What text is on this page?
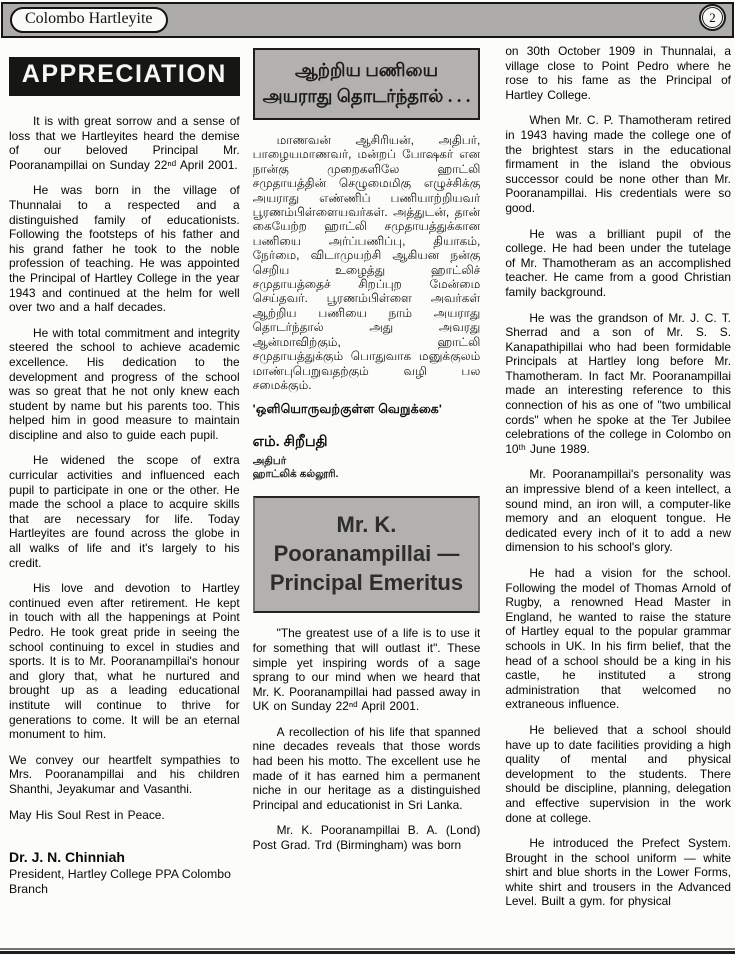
Colombo Hartleyite	2
APPRECIATION

It is with great sorrow and a sense of loss that we Hartleyites heard the demise of our beloved Principal Mr. Pooranampillai on Sunday 22ⁿᵈ April 2001.

He was born in the village of Thunnalai to a respected and a distinguished family of educationists. Following the footsteps of his father and his grand father he took to the noble profession of teaching. He was appointed the Principal of Hartley College in the year 1943 and continued at the helm for well over two and a half decades.

He with total commitment and integrity steered the school to achieve academic excellence. His dedication to the development and progress of the school was so great that he not only knew each student by name but his parents too. This helped him in good measure to maintain discipline and also to guide each pupil.

He widened the scope of extra curricular activities and influenced each pupil to participate in one or the other. He made the school a place to acquire skills that are necessary for life. Today Hartleyites are found across the globe in all walks of life and it's largely to his credit.

His love and devotion to Hartley continued even after retirement. He kept in touch with all the happenings at Point Pedro. He took great pride in seeing the school continuing to excel in studies and sports. It is to Mr. Pooranampillai's honour and glory that, what he nurtured and brought up as a leading educational institute will continue to thrive for generations to come. It will be an eternal monument to him.

We convey our heartfelt sympathies to Mrs. Pooranampillai and his children Shanthi, Jeyakumar and Vasanthi.

May His Soul Rest in Peace.

Dr. J. N. Chinniah
President, Hartley College PPA Colombo Branch
ஆற்றிய பணியை அயராது தொடர்ந்தால் . . .

மாணவன் ஆசிரியன், அதிபர், பாழையமாணவர், மன்றப் போஷகர் என நான்கு முறைகளிலே ஹாட்லி சமுதாயத்தின் செழுமைமிகு எழுச்சிக்கு அயராது எண்ணிப் பணியாற்றியவர் பூரணம்பிள்ளையவர்கள். அத்துடன், தான் கையேற்ற ஹாட்லி சமுதாயத்துக்கான பணியை அர்ப்பணிப்பு, தியாகம், நேர்மை, விடாமுயற்சி ஆகியன நன்கு செறிய உழைத்து ஹாட்லிச் சமுதாயத்தைச் சிறப்புற மேன்மை செய்தவர். பூரணம்பிள்ளை அவர்கள் ஆற்றிய பணியை நாம் அயராது தொடர்ந்தால் அது அவரது ஆன்மாவிற்கும், ஹாட்லி சமுதாயத்துக்கும் பொதுவாக மனுக்குலம் மாண்புபெறுவதற்கும் வழி பல சமைக்கும்.

'ஒளியொருவற்குள்ள வெறுக்கை'
எம். சிறீபதி
அதிபர்
ஹாட்லிக் கல்லூரி.
Mr. K. Pooranampillai — Principal Emeritus

"The greatest use of a life is to use it for something that will outlast it". These simple yet inspiring words of a sage sprang to our mind when we heard that Mr. K. Pooranampillai had passed away in UK on Sunday 22ⁿᵈ April 2001.

A recollection of his life that spanned nine decades reveals that those words had been his motto. The excellent use he made of it has earned him a permanent niche in our heritage as a distinguished Principal and educationist in Sri Lanka.

Mr. K. Pooranampillai B. A. (Lond) Post Grad. Trd (Birmingham) was born

on 30th October 1909 in Thunnalai, a village close to Point Pedro where he rose to his fame as the Principal of Hartley College.

When Mr. C. P. Thamotheram retired in 1943 having made the college one of the brightest stars in the educational firmament in the island the obvious successor could be none other than Mr. Pooranampillai. His credentials were so good.

He was a brilliant pupil of the college. He had been under the tutelage of Mr. Thamotheram as an accomplished teacher. He came from a good Christian family background.

He was the grandson of Mr. J. C. T. Sherrad and a son of Mr. S. S. Kanapathipillai who had been formidable Principals at Hartley long before Mr. Thamotheram. In fact Mr. Pooranampillai made an interesting reference to this connection of his as one of "two umbilical cords" when he spoke at the Ter Jubilee celebrations of the college in Colombo on 10ᵗʰ June 1989.

Mr. Pooranampillai's personality was an impressive blend of a keen intellect, a sound mind, an iron will, a computer-like memory and an eloquent tongue. He dedicated every inch of it to add a new dimension to his school's glory.

He had a vision for the school. Following the model of Thomas Arnold of Rugby, a renowned Head Master in England, he wanted to raise the stature of Hartley equal to the popular grammar schools in UK. In his firm belief, that the head of a school should be a king in his castle, he instituted a strong administration that welcomed no extraneous influence.

He believed that a school should have up to date facilities providing a high quality of mental and physical development to the students. There should be discipline, planning, delegation and effective supervision in the work done at college.

He introduced the Prefect System. Brought in the school uniform — white shirt and blue shorts in the Lower Forms, white shirt and trousers in the Advanced Level. Built a gym. for physical
